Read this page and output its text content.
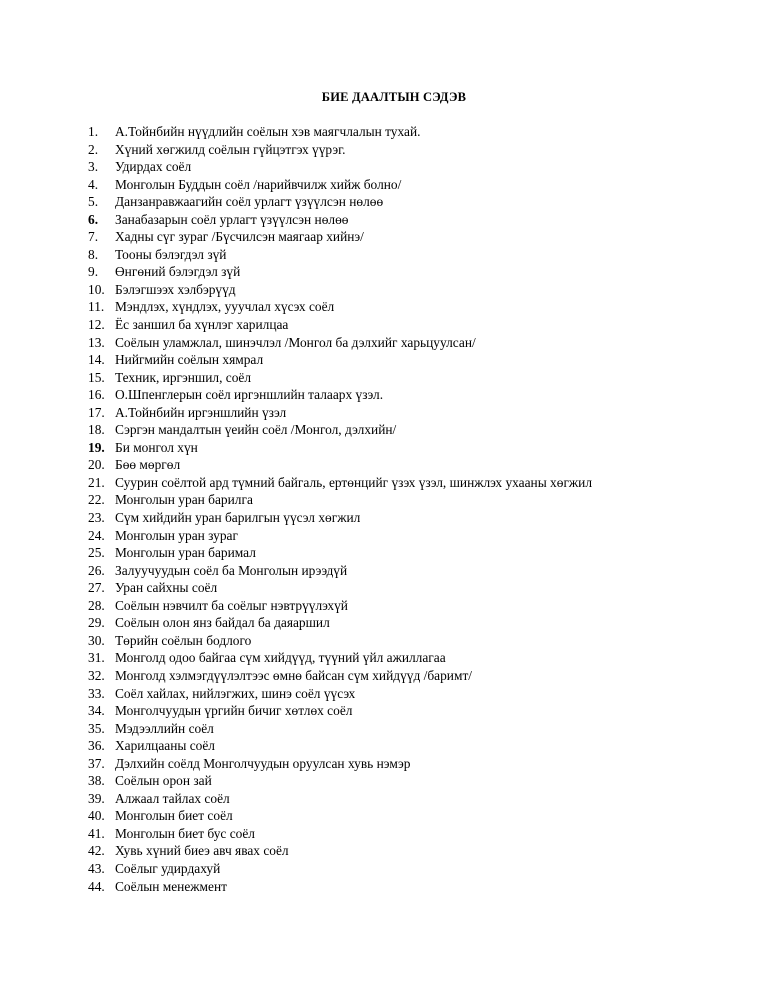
БИЕ ДААЛТЫН СЭДЭВ
1. А.Тойнбийн нүүдлийн соёлын хэв маягчлалын тухай.
2. Хүний хөгжилд соёлын гүйцэтгэх үүрэг.
3. Удирдах соёл
4. Монголын Буддын соёл /нарийвчилж хийж болно/
5. Данзанравжаагийн соёл урлагт үзүүлсэн нөлөө
6. Занабазарын соёл урлагт үзүүлсэн нөлөө
7. Хадны сүг зураг /Бүсчилсэн маягаар хийнэ/
8. Тооны бэлэгдэл зүй
9. Өнгөний бэлэгдэл зүй
10. Бэлэгшээх хэлбэрүүд
11. Мэндлэх, хүндлэх, ууучлал хүсэх соёл
12. Ёс заншил ба хүнлэг харилцаа
13. Соёлын уламжлал, шинэчлэл /Монгол ба дэлхийг харьцуулсан/
14. Нийгмийн соёлын хямрал
15. Техник, иргэншил, соёл
16. О.Шпенглерын соёл иргэншлийн талаарх үзэл.
17. А.Тойнбийн иргэншлийн үзэл
18. Сэргэн мандалтын үеийн соёл /Монгол, дэлхийн/
19. Би монгол хүн
20. Бөө мөргөл
21. Суурин соёлтой ард түмний байгаль, ертөнцийг үзэх үзэл, шинжлэх ухааны хөгжил
22. Монголын уран барилга
23. Сүм хийдийн уран барилгын үүсэл хөгжил
24. Монголын уран зураг
25. Монголын уран баримал
26. Залуучуудын соёл ба Монголын ирээдүй
27. Уран сайхны соёл
28. Соёлын нэвчилт ба соёлыг нэвтрүүлэхүй
29. Соёлын олон янз байдал ба даяаршил
30. Төрийн соёлын бодлого
31. Монголд одоо байгаа сүм хийдүүд, түүний үйл ажиллагаа
32. Монголд хэлмэгдүүлэлтээс өмнө байсан сүм хийдүүд /баримт/
33. Соёл хайлах, нийлэгжих, шинэ соёл үүсэх
34. Монголчуудын үргийн бичиг хөтлөх соёл
35. Мэдээллийн соёл
36. Харилцааны соёл
37. Дэлхийн соёлд Монголчуудын оруулсан хувь нэмэр
38. Соёлын орон зай
39. Алжаал тайлах соёл
40. Монголын биет соёл
41. Монголын биет бус соёл
42. Хувь хүний биеэ авч явах соёл
43. Соёлыг удирдахуй
44. Соёлын менежмент
